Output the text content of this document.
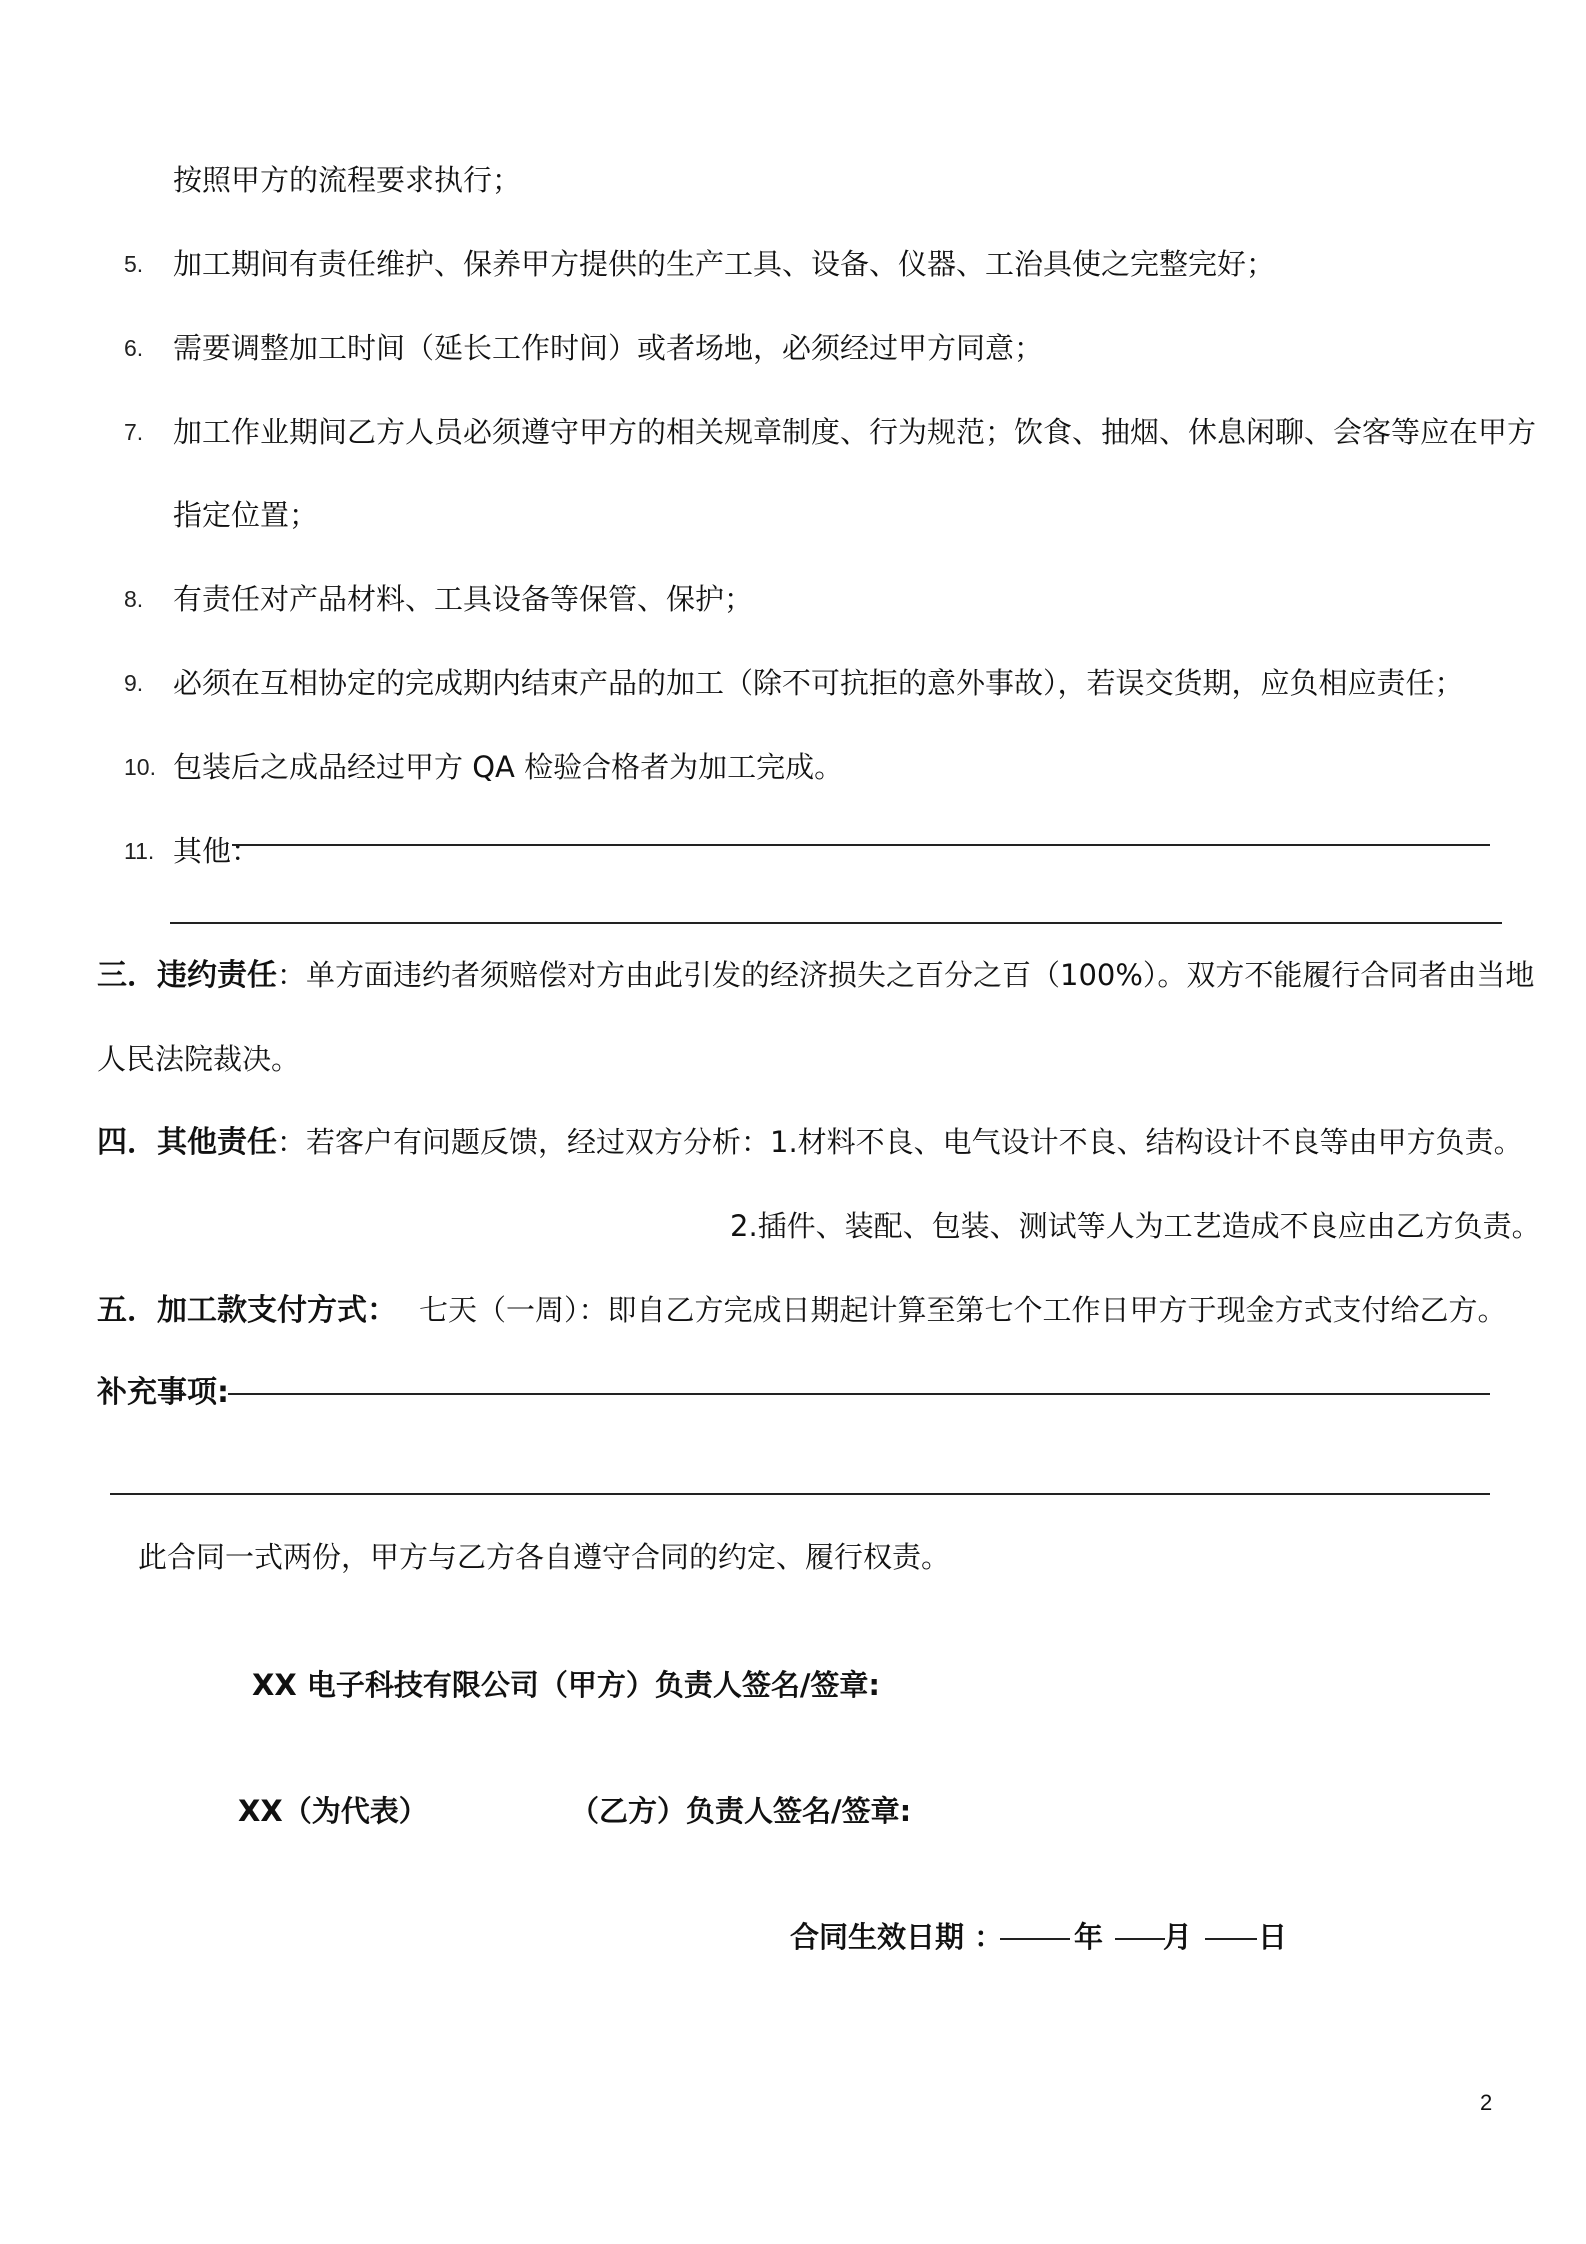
按照甲方的流程要求执行；
5. 加工期间有责任维护、保养甲方提供的生产工具、设备、仪器、工治具使之完整完好；
6. 需要调整加工时间（延长工作时间）或者场地，必须经过甲方同意；
7. 加工作业期间乙方人员必须遵守甲方的相关规章制度、行为规范；饮食、抽烟、休息闲聊、会客等应在甲方
指定位置；
8. 有责任对产品材料、工具设备等保管、保护；
9. 必须在互相协定的完成期内结束产品的加工（除不可抗拒的意外事故），若误交货期，应负相应责任；
10. 包装后之成品经过甲方 QA 检验合格者为加工完成。
11. 其他：
三．违约责任：单方面违约者须赔偿对方由此引发的经济损失之百分之百（100%）。双方不能履行合同者由当地
人民法院裁决。
四．其他责任：若客户有问题反馈，经过双方分析：1.材料不良、电气设计不良、结构设计不良等由甲方负责。
2.插件、装配、包装、测试等人为工艺造成不良应由乙方负责。
五．加工款支付方式： 七天（一周）：即自乙方完成日期起计算至第七个工作日甲方于现金方式支付给乙方。
补充事项:
此合同一式两份，甲方与乙方各自遵守合同的约定、履行权责。
XX 电子科技有限公司（甲方）负责人签名/签章:
XX（为代表）	（乙方）负责人签名/签章:
合同生效日期 ： 年 月 日
2
